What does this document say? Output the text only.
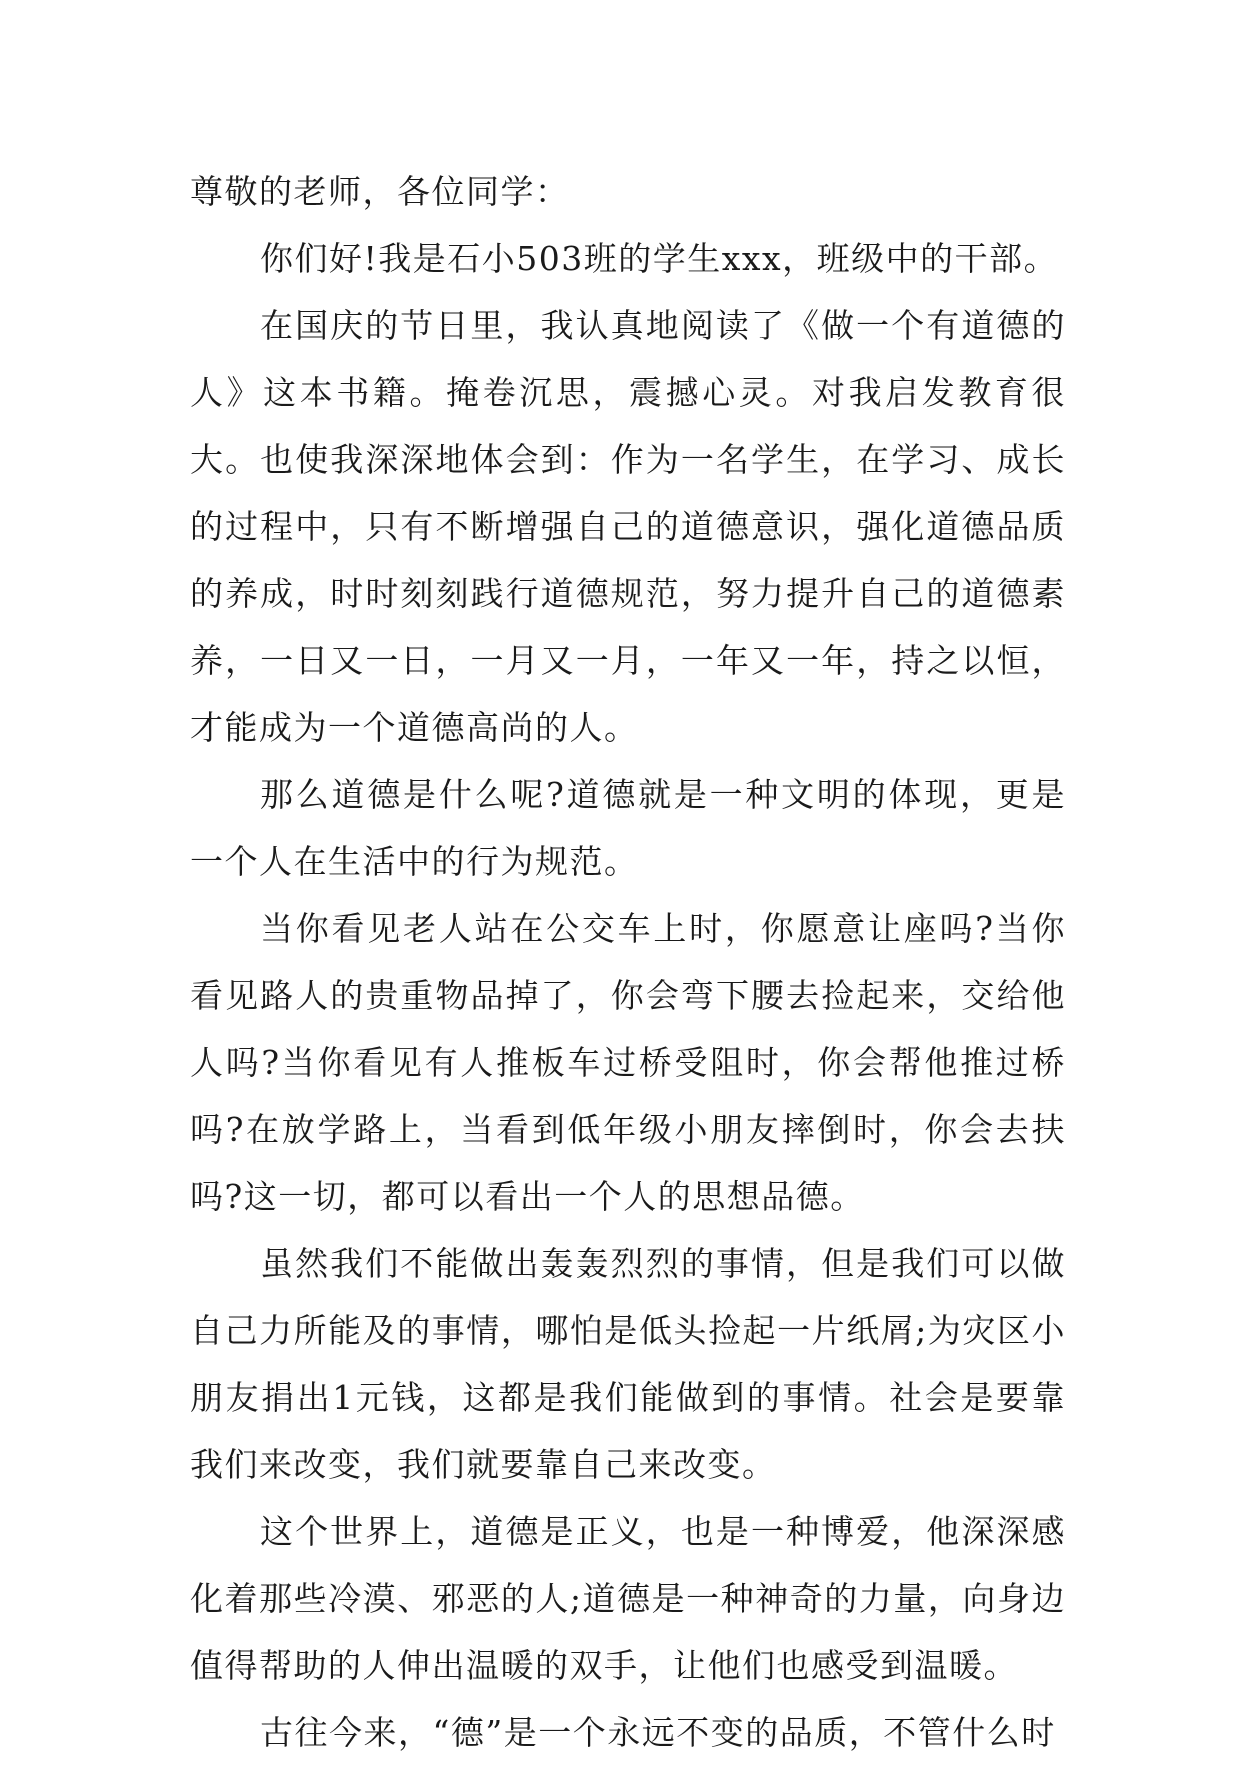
尊敬的老师，各位同学：

你们好!我是石小503班的学生xxx，班级中的干部。

在国庆的节日里，我认真地阅读了《做一个有道德的人》这本书籍。掩卷沉思，震撼心灵。对我启发教育很大。也使我深深地体会到：作为一名学生，在学习、成长的过程中，只有不断增强自己的道德意识，强化道德品质的养成，时时刻刻践行道德规范，努力提升自己的道德素养，一日又一日，一月又一月，一年又一年，持之以恒，才能成为一个道德高尚的人。

那么道德是什么呢?道德就是一种文明的体现，更是一个人在生活中的行为规范。

当你看见老人站在公交车上时，你愿意让座吗?当你看见路人的贵重物品掉了，你会弯下腰去捡起来，交给他人吗?当你看见有人推板车过桥受阻时，你会帮他推过桥吗?在放学路上，当看到低年级小朋友摔倒时，你会去扶吗?这一切，都可以看出一个人的思想品德。

虽然我们不能做出轰轰烈烈的事情，但是我们可以做自己力所能及的事情，哪怕是低头捡起一片纸屑;为灾区小朋友捐出1元钱，这都是我们能做到的事情。社会是要靠我们来改变，我们就要靠自己来改变。

这个世界上，道德是正义，也是一种博爱，他深深感化着那些冷漠、邪恶的人;道德是一种神奇的力量，向身边值得帮助的人伸出温暖的双手，让他们也感受到温暖。

古往今来，“德”是一个永远不变的品质，不管什么时
